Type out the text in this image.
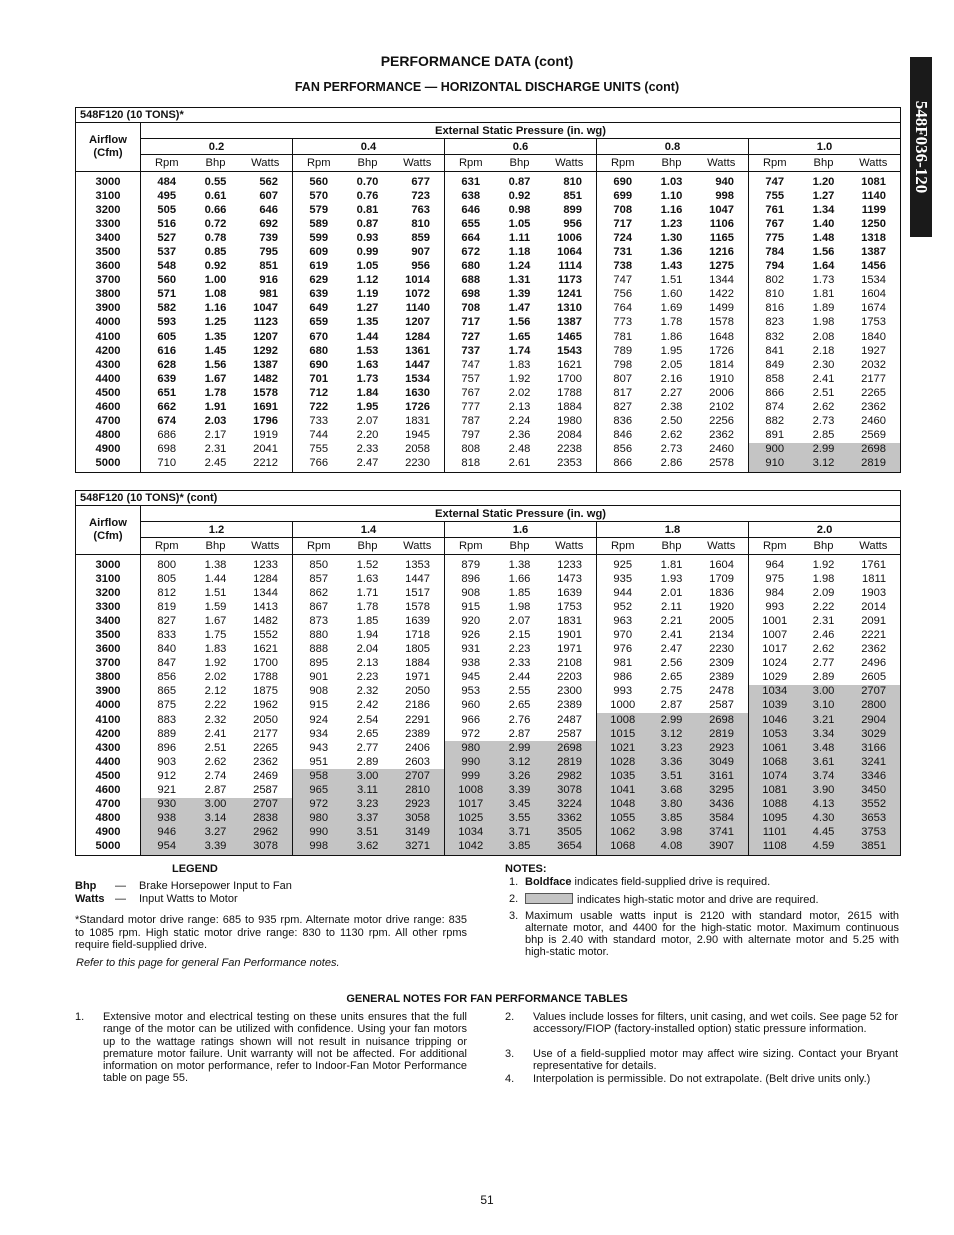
PERFORMANCE DATA (cont)
FAN PERFORMANCE — HORIZONTAL DISCHARGE UNITS (cont)
548F036-120
548F120 (10 TONS)*															
Airflow
(Cfm)	External Static Pressure (in. wg)														
	0.2			0.4			0.6			0.8			1.0		
	Rpm	Bhp	Watts	Rpm	Bhp	Watts	Rpm	Bhp	Watts	Rpm	Bhp	Watts	Rpm	Bhp	Watts
3000	484	0.55	562	560	0.70	677	631	0.87	810	690	1.03	940	747	1.20	1081
3100	495	0.61	607	570	0.76	723	638	0.92	851	699	1.10	998	755	1.27	1140
3200	505	0.66	646	579	0.81	763	646	0.98	899	708	1.16	1047	761	1.34	1199
3300	516	0.72	692	589	0.87	810	655	1.05	956	717	1.23	1106	767	1.40	1250
3400	527	0.78	739	599	0.93	859	664	1.11	1006	724	1.30	1165	775	1.48	1318
3500	537	0.85	795	609	0.99	907	672	1.18	1064	731	1.36	1216	784	1.56	1387
3600	548	0.92	851	619	1.05	956	680	1.24	1114	738	1.43	1275	794	1.64	1456
3700	560	1.00	916	629	1.12	1014	688	1.31	1173	747	1.51	1344	802	1.73	1534
3800	571	1.08	981	639	1.19	1072	698	1.39	1241	756	1.60	1422	810	1.81	1604
3900	582	1.16	1047	649	1.27	1140	708	1.47	1310	764	1.69	1499	816	1.89	1674
4000	593	1.25	1123	659	1.35	1207	717	1.56	1387	773	1.78	1578	823	1.98	1753
4100	605	1.35	1207	670	1.44	1284	727	1.65	1465	781	1.86	1648	832	2.08	1840
4200	616	1.45	1292	680	1.53	1361	737	1.74	1543	789	1.95	1726	841	2.18	1927
4300	628	1.56	1387	690	1.63	1447	747	1.83	1621	798	2.05	1814	849	2.30	2032
4400	639	1.67	1482	701	1.73	1534	757	1.92	1700	807	2.16	1910	858	2.41	2177
4500	651	1.78	1578	712	1.84	1630	767	2.02	1788	817	2.27	2006	866	2.51	2265
4600	662	1.91	1691	722	1.95	1726	777	2.13	1884	827	2.38	2102	874	2.62	2362
4700	674	2.03	1796	733	2.07	1831	787	2.24	1980	836	2.50	2256	882	2.73	2460
4800	686	2.17	1919	744	2.20	1945	797	2.36	2084	846	2.62	2362	891	2.85	2569
4900	698	2.31	2041	755	2.33	2058	808	2.48	2238	856	2.73	2460	900	2.99	2698
5000	710	2.45	2212	766	2.47	2230	818	2.61	2353	866	2.86	2578	910	3.12	2819
548F120 (10 TONS)* (cont)															
Airflow
(Cfm)	External Static Pressure (in. wg)														
	1.2			1.4			1.6			1.8			2.0		
	Rpm	Bhp	Watts	Rpm	Bhp	Watts	Rpm	Bhp	Watts	Rpm	Bhp	Watts	Rpm	Bhp	Watts
3000	800	1.38	1233	850	1.52	1353	879	1.38	1233	925	1.81	1604	964	1.92	1761
3100	805	1.44	1284	857	1.63	1447	896	1.66	1473	935	1.93	1709	975	1.98	1811
3200	812	1.51	1344	862	1.71	1517	908	1.85	1639	944	2.01	1836	984	2.09	1903
3300	819	1.59	1413	867	1.78	1578	915	1.98	1753	952	2.11	1920	993	2.22	2014
3400	827	1.67	1482	873	1.85	1639	920	2.07	1831	963	2.21	2005	1001	2.31	2091
3500	833	1.75	1552	880	1.94	1718	926	2.15	1901	970	2.41	2134	1007	2.46	2221
3600	840	1.83	1621	888	2.04	1805	931	2.23	1971	976	2.47	2230	1017	2.62	2362
3700	847	1.92	1700	895	2.13	1884	938	2.33	2108	981	2.56	2309	1024	2.77	2496
3800	856	2.02	1788	901	2.23	1971	945	2.44	2203	986	2.65	2389	1029	2.89	2605
3900	865	2.12	1875	908	2.32	2050	953	2.55	2300	993	2.75	2478	1034	3.00	2707
4000	875	2.22	1962	915	2.42	2186	960	2.65	2389	1000	2.87	2587	1039	3.10	2800
4100	883	2.32	2050	924	2.54	2291	966	2.76	2487	1008	2.99	2698	1046	3.21	2904
4200	889	2.41	2177	934	2.65	2389	972	2.87	2587	1015	3.12	2819	1053	3.34	3029
4300	896	2.51	2265	943	2.77	2406	980	2.99	2698	1021	3.23	2923	1061	3.48	3166
4400	903	2.62	2362	951	2.89	2603	990	3.12	2819	1028	3.36	3049	1068	3.61	3241
4500	912	2.74	2469	958	3.00	2707	999	3.26	2982	1035	3.51	3161	1074	3.74	3346
4600	921	2.87	2587	965	3.11	2810	1008	3.39	3078	1041	3.68	3295	1081	3.90	3450
4700	930	3.00	2707	972	3.23	2923	1017	3.45	3224	1048	3.80	3436	1088	4.13	3552
4800	938	3.14	2838	980	3.37	3058	1025	3.55	3362	1055	3.85	3584	1095	4.30	3653
4900	946	3.27	2962	990	3.51	3149	1034	3.71	3505	1062	3.98	3741	1101	4.45	3753
5000	954	3.39	3078	998	3.62	3271	1042	3.85	3654	1068	4.08	3907	1108	4.59	3851
LEGEND
Bhp — Brake Horsepower Input to Fan
Watts — Input Watts to Motor
*Standard motor drive range: 685 to 935 rpm. Alternate motor drive range: 835 to 1085 rpm. High static motor drive range: 830 to 1130 rpm. All other rpms require field-supplied drive.
Refer to this page for general Fan Performance notes.
NOTES:
1. Boldface indicates field-supplied drive is required.
2.	indicates high-static motor and drive are required.
3. Maximum usable watts input is 2120 with standard motor, 2615 with alternate motor, and 4400 for the high-static motor. Maximum continuous bhp is 2.40 with standard motor, 2.90 with alternate motor and 5.25 with high-static motor.
GENERAL NOTES FOR FAN PERFORMANCE TABLES
1. Extensive motor and electrical testing on these units ensures that the full range of the motor can be utilized with confidence. Using your fan motors up to the wattage ratings shown will not result in nuisance tripping or premature motor failure. Unit warranty will not be affected. For additional information on motor performance, refer to Indoor-Fan Motor Performance table on page 55.
2. Values include losses for filters, unit casing, and wet coils. See page 52 for accessory/FIOP (factory-installed option) static pressure information.
3. Use of a field-supplied motor may affect wire sizing. Contact your Bryant representative for details.
4. Interpolation is permissible. Do not extrapolate. (Belt drive units only.)
51
